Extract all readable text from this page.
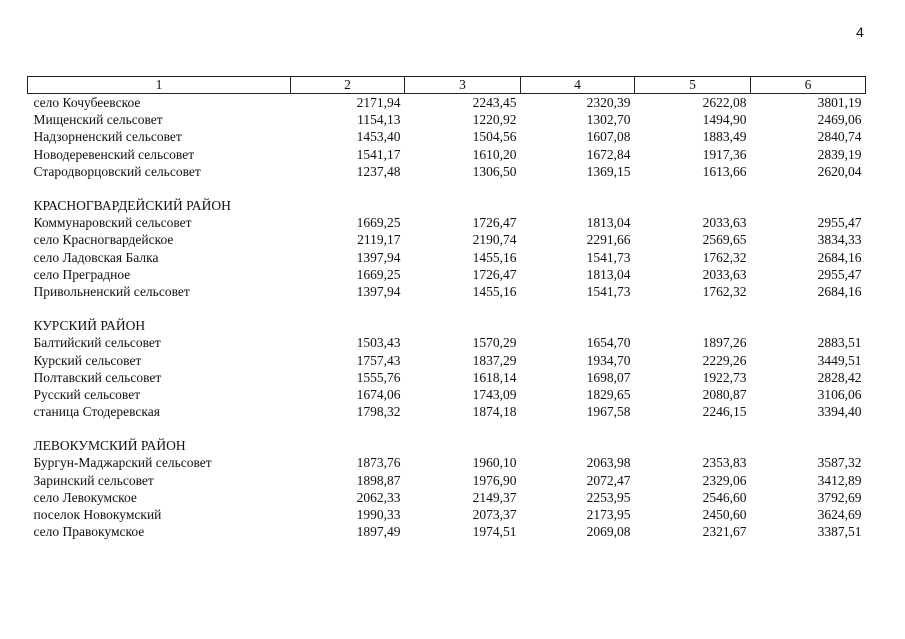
4
1	2	3	4	5	6
село Кочубеевское	2171,94	2243,45	2320,39	2622,08	3801,19
Мищенский сельсовет	1154,13	1220,92	1302,70	1494,90	2469,06
Надзорненский сельсовет	1453,40	1504,56	1607,08	1883,49	2840,74
Новодеревенский сельсовет	1541,17	1610,20	1672,84	1917,36	2839,19
Стародворцовский сельсовет	1237,48	1306,50	1369,15	1613,66	2620,04

КРАСНОГВАРДЕЙСКИЙ РАЙОН					
Коммунаровский сельсовет	1669,25	1726,47	1813,04	2033,63	2955,47
село Красногвардейское	2119,17	2190,74	2291,66	2569,65	3834,33
село Ладовская Балка	1397,94	1455,16	1541,73	1762,32	2684,16
село Преградное	1669,25	1726,47	1813,04	2033,63	2955,47
Привольненский сельсовет	1397,94	1455,16	1541,73	1762,32	2684,16

КУРСКИЙ РАЙОН					
Балтийский сельсовет	1503,43	1570,29	1654,70	1897,26	2883,51
Курский сельсовет	1757,43	1837,29	1934,70	2229,26	3449,51
Полтавский сельсовет	1555,76	1618,14	1698,07	1922,73	2828,42
Русский сельсовет	1674,06	1743,09	1829,65	2080,87	3106,06
станица Стодеревская	1798,32	1874,18	1967,58	2246,15	3394,40

ЛЕВОКУМСКИЙ РАЙОН					
Бургун-Маджарский сельсовет	1873,76	1960,10	2063,98	2353,83	3587,32
Заринский сельсовет	1898,87	1976,90	2072,47	2329,06	3412,89
село Левокумское	2062,33	2149,37	2253,95	2546,60	3792,69
поселок Новокумский	1990,33	2073,37	2173,95	2450,60	3624,69
село Правокумское	1897,49	1974,51	2069,08	2321,67	3387,51
